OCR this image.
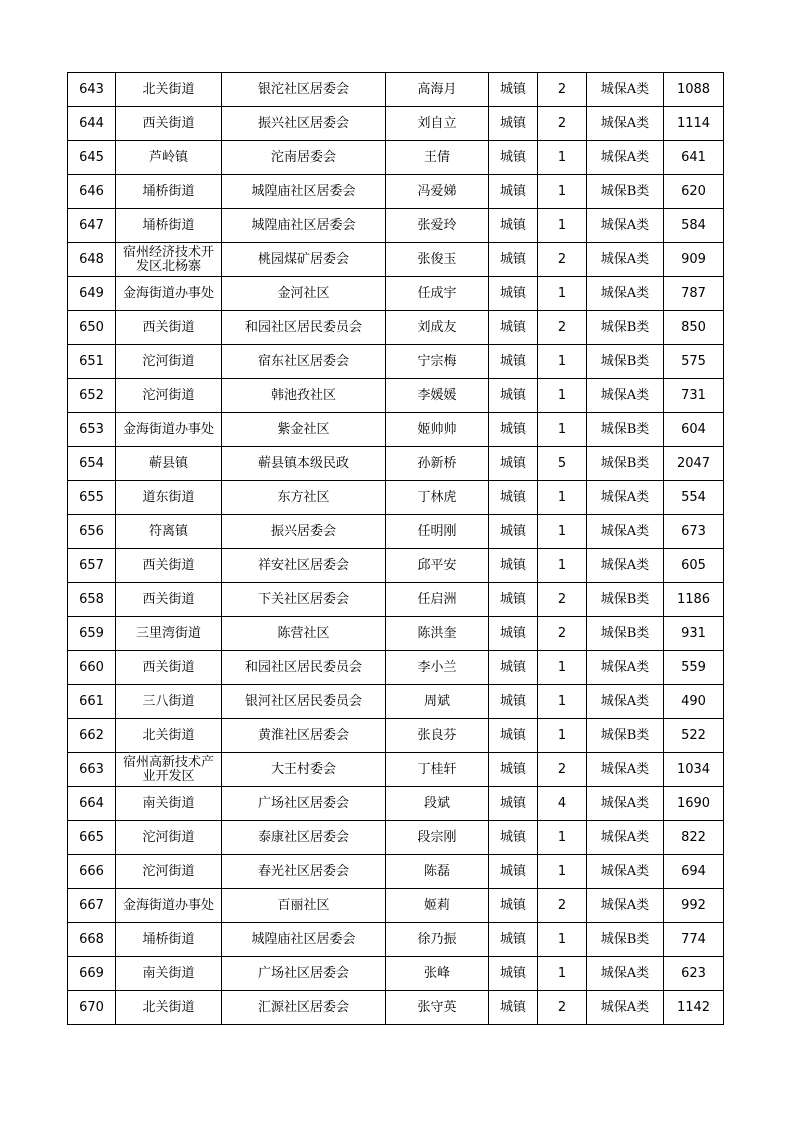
643	北关街道	银沱社区居委会	高海月	城镇	2	城保A类	1088
644	西关街道	振兴社区居委会	刘自立	城镇	2	城保A类	1114
645	芦岭镇	沱南居委会	王倩	城镇	1	城保A类	641
646	埇桥街道	城隍庙社区居委会	冯爱娣	城镇	1	城保B类	620
647	埇桥街道	城隍庙社区居委会	张爱玲	城镇	1	城保A类	584
648	宿州经济技术开发区北杨寨	桃园煤矿居委会	张俊玉	城镇	2	城保A类	909
649	金海街道办事处	金河社区	任成宇	城镇	1	城保A类	787
650	西关街道	和园社区居民委员会	刘成友	城镇	2	城保B类	850
651	沱河街道	宿东社区居委会	宁宗梅	城镇	1	城保B类	575
652	沱河街道	韩池孜社区	李媛媛	城镇	1	城保A类	731
653	金海街道办事处	紫金社区	姬帅帅	城镇	1	城保B类	604
654	蕲县镇	蕲县镇本级民政	孙新桥	城镇	5	城保B类	2047
655	道东街道	东方社区	丁林虎	城镇	1	城保A类	554
656	符离镇	振兴居委会	任明刚	城镇	1	城保A类	673
657	西关街道	祥安社区居委会	邱平安	城镇	1	城保A类	605
658	西关街道	下关社区居委会	任启洲	城镇	2	城保B类	1186
659	三里湾街道	陈营社区	陈洪奎	城镇	2	城保B类	931
660	西关街道	和园社区居民委员会	李小兰	城镇	1	城保A类	559
661	三八街道	银河社区居民委员会	周斌	城镇	1	城保A类	490
662	北关街道	黄淮社区居委会	张良芬	城镇	1	城保B类	522
663	宿州高新技术产业开发区	大王村委会	丁桂轩	城镇	2	城保A类	1034
664	南关街道	广场社区居委会	段斌	城镇	4	城保A类	1690
665	沱河街道	泰康社区居委会	段宗刚	城镇	1	城保A类	822
666	沱河街道	春光社区居委会	陈磊	城镇	1	城保A类	694
667	金海街道办事处	百丽社区	姬莉	城镇	2	城保A类	992
668	埇桥街道	城隍庙社区居委会	徐乃振	城镇	1	城保B类	774
669	南关街道	广场社区居委会	张峰	城镇	1	城保A类	623
670	北关街道	汇源社区居委会	张守英	城镇	2	城保A类	1142
